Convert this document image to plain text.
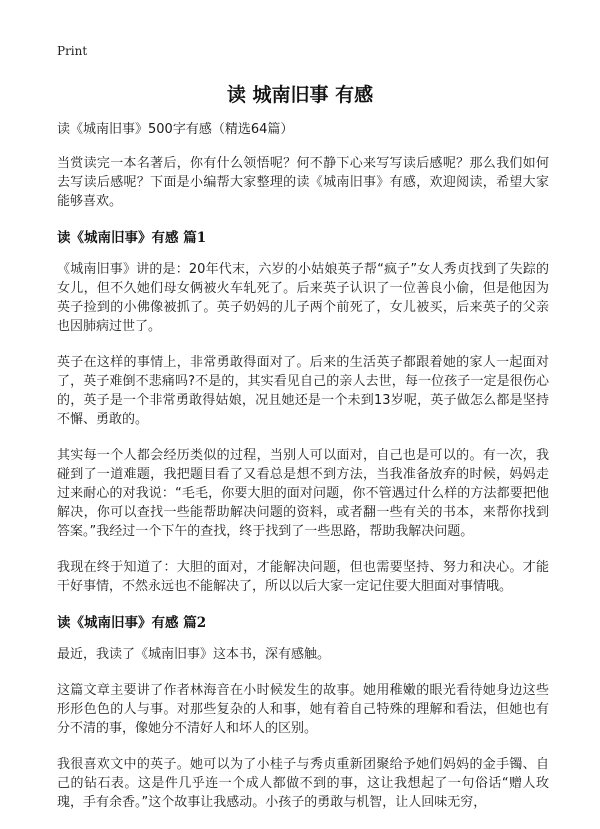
Print
读 城南旧事 有感

读《城南旧事》500字有感（精选64篇）

当赏读完一本名著后，你有什么领悟呢？何不静下心来写写读后感呢？那么我们如何去写读后感呢？下面是小编帮大家整理的读《城南旧事》有感，欢迎阅读，希望大家能够喜欢。

读《城南旧事》有感 篇1

《城南旧事》讲的是：20年代末，六岁的小姑娘英子帮“疯子”女人秀贞找到了失踪的女儿，但不久她们母女俩被火车轧死了。后来英子认识了一位善良小偷，但是他因为英子捡到的小佛像被抓了。英子奶妈的儿子两个前死了，女儿被买，后来英子的父亲也因肺病过世了。

英子在这样的事情上，非常勇敢得面对了。后来的生活英子都跟着她的家人一起面对了，英子难倒不悲痛吗?不是的，其实看见自己的亲人去世，每一位孩子一定是很伤心的，英子是一个非常勇敢得姑娘，况且她还是一个未到13岁呢，英子做怎么都是坚持不懈、勇敢的。

其实每一个人都会经历类似的过程，当别人可以面对，自己也是可以的。有一次，我碰到了一道难题，我把题目看了又看总是想不到方法，当我准备放弃的时候，妈妈走过来耐心的对我说：“毛毛，你要大胆的面对问题，你不管遇过什么样的方法都要把他解决，你可以查找一些能帮助解决问题的资料，或者翻一些有关的书本，来帮你找到答案。”我经过一个下午的查找，终于找到了一些思路，帮助我解决问题。

我现在终于知道了：大胆的面对，才能解决问题，但也需要坚持、努力和决心。才能干好事情，不然永远也不能解决了，所以以后大家一定记住要大胆面对事情哦。

读《城南旧事》有感 篇2

最近，我读了《城南旧事》这本书，深有感触。

这篇文章主要讲了作者林海音在小时候发生的故事。她用稚嫩的眼光看待她身边这些形形色色的人与事。对那些复杂的人和事，她有着自己特殊的理解和看法，但她也有分不清的事，像她分不清好人和坏人的区别。

我很喜欢文中的英子。她可以为了小桂子与秀贞重新团聚给予她们妈妈的金手镯、自己的钻石表。这是件几乎连一个成人都做不到的事，这让我想起了一句俗话“赠人玫瑰，手有余香。”这个故事让我感动。小孩子的勇敢与机智，让人回味无穷，
